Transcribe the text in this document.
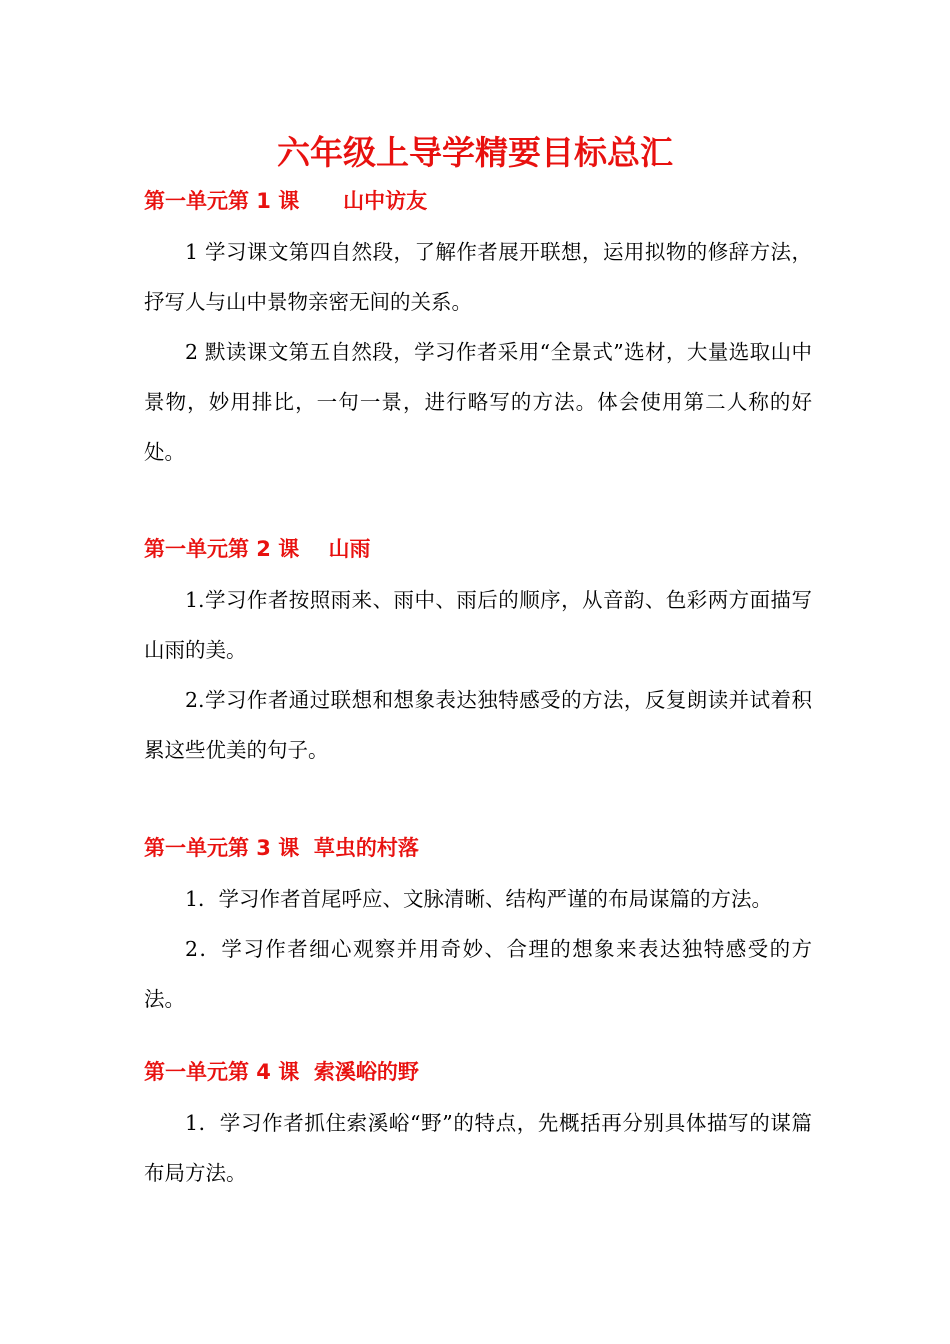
六年级上导学精要目标总汇
第一单元第 1 课      山中访友

1 学习课文第四自然段，了解作者展开联想，运用拟物的修辞方法，抒写人与山中景物亲密无间的关系。

2 默读课文第五自然段，学习作者采用“全景式”选材，大量选取山中景物，妙用排比，一句一景，进行略写的方法。体会使用第二人称的好处。

第一单元第 2 课    山雨

1.学习作者按照雨来、雨中、雨后的顺序，从音韵、色彩两方面描写山雨的美。

2.学习作者通过联想和想象表达独特感受的方法，反复朗读并试着积累这些优美的句子。

第一单元第 3 课  草虫的村落

1．学习作者首尾呼应、文脉清晰、结构严谨的布局谋篇的方法。

2．学习作者细心观察并用奇妙、合理的想象来表达独特感受的方法。

第一单元第 4 课  索溪峪的野

1．学习作者抓住索溪峪“野”的特点，先概括再分别具体描写的谋篇布局方法。
